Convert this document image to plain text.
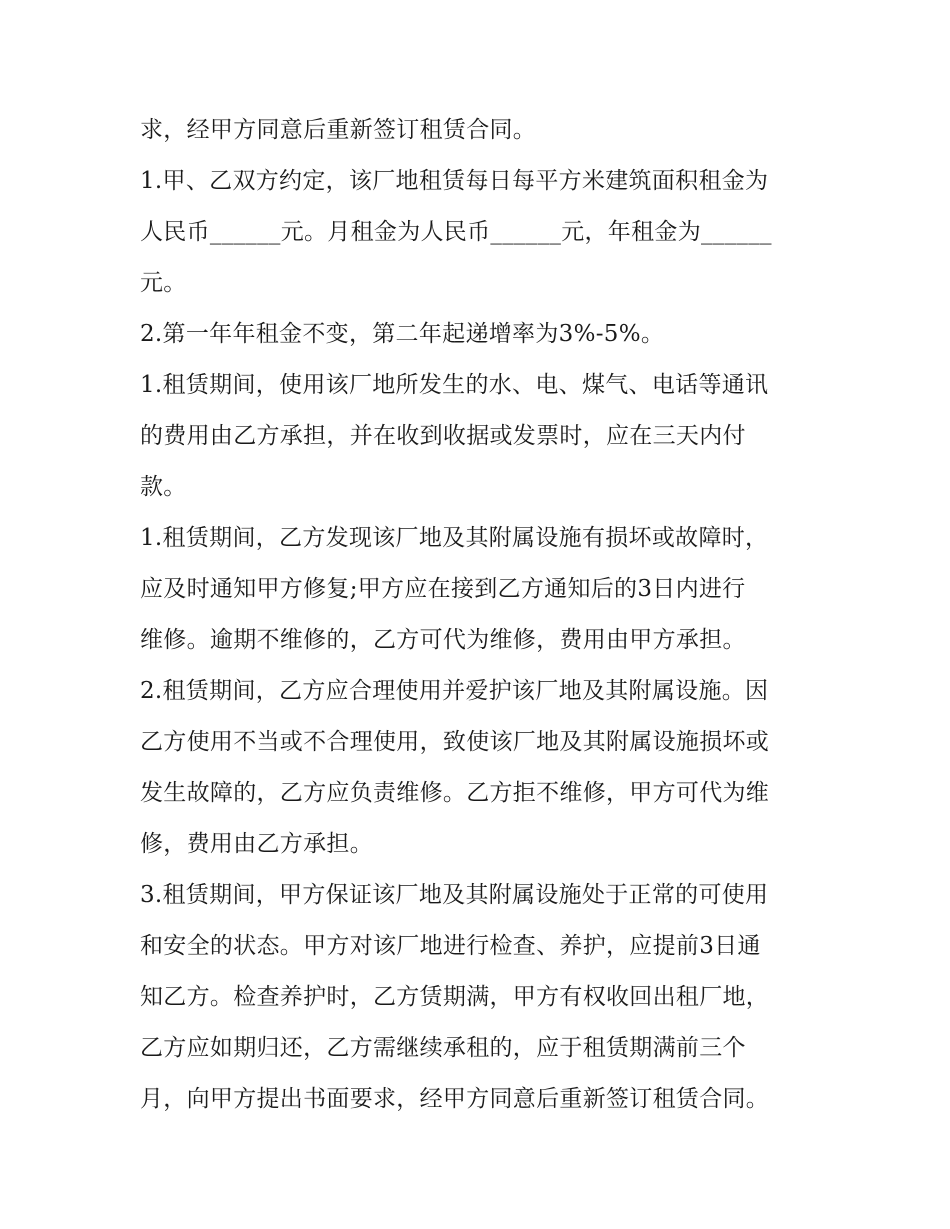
求，经甲方同意后重新签订租赁合同。
1.甲、乙双方约定，该厂地租赁每日每平方米建筑面积租金为
人民币______元。月租金为人民币______元，年租金为______
元。
2.第一年年租金不变，第二年起递增率为3%-5%。
1.租赁期间，使用该厂地所发生的水、电、煤气、电话等通讯
的费用由乙方承担，并在收到收据或发票时，应在三天内付
款。
1.租赁期间，乙方发现该厂地及其附属设施有损坏或故障时，
应及时通知甲方修复;甲方应在接到乙方通知后的3日内进行
维修。逾期不维修的，乙方可代为维修，费用由甲方承担。
2.租赁期间，乙方应合理使用并爱护该厂地及其附属设施。因
乙方使用不当或不合理使用，致使该厂地及其附属设施损坏或
发生故障的，乙方应负责维修。乙方拒不维修，甲方可代为维
修，费用由乙方承担。
3.租赁期间，甲方保证该厂地及其附属设施处于正常的可使用
和安全的状态。甲方对该厂地进行检查、养护，应提前3日通
知乙方。检查养护时，乙方赁期满，甲方有权收回出租厂地，
乙方应如期归还，乙方需继续承租的，应于租赁期满前三个
月，向甲方提出书面要求，经甲方同意后重新签订租赁合同。
